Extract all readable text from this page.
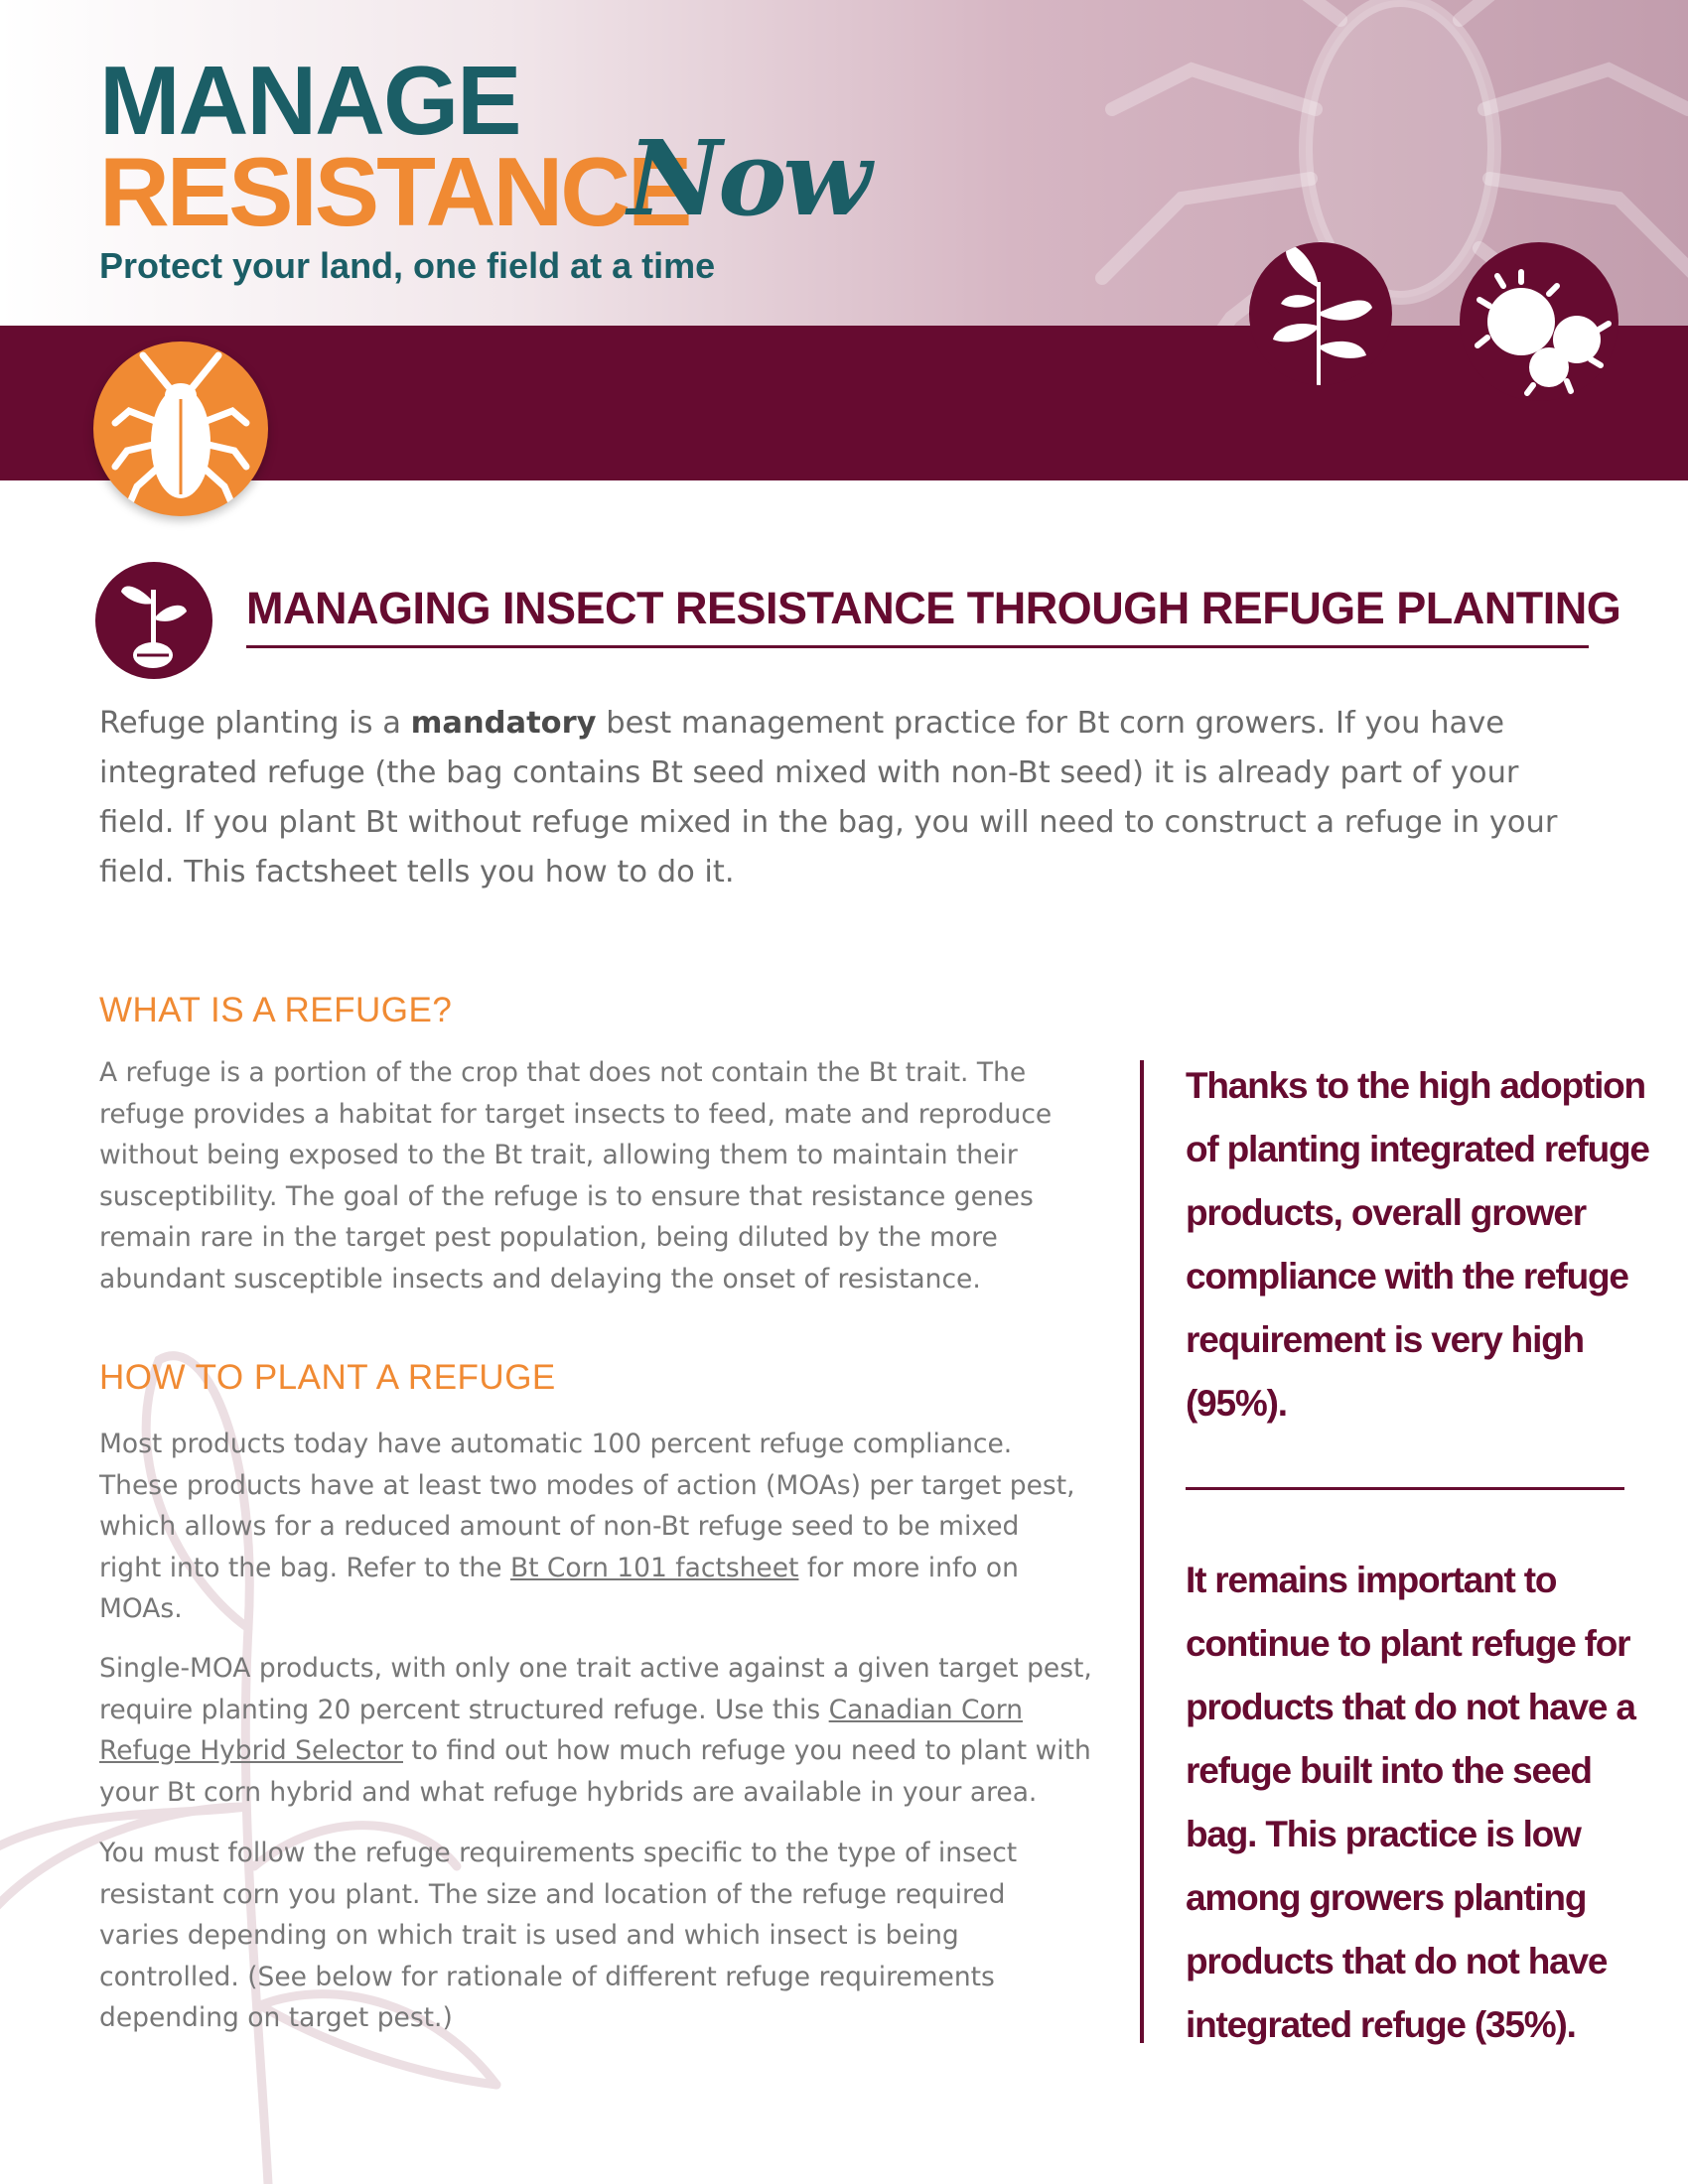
MANAGE
RESISTANCE
Now
Protect your land, one field at a time
MANAGING INSECT RESISTANCE THROUGH REFUGE PLANTING

Refuge planting is a mandatory best management practice for Bt corn growers. If you have integrated refuge (the bag contains Bt seed mixed with non-Bt seed) it is already part of your field. If you plant Bt without refuge mixed in the bag, you will need to construct a refuge in your field. This factsheet tells you how to do it.

WHAT IS A REFUGE?

A refuge is a portion of the crop that does not contain the Bt trait. The refuge provides a habitat for target insects to feed, mate and reproduce without being exposed to the Bt trait, allowing them to maintain their susceptibility. The goal of the refuge is to ensure that resistance genes remain rare in the target pest population, being diluted by the more abundant susceptible insects and delaying the onset of resistance.

HOW TO PLANT A REFUGE

Most products today have automatic 100 percent refuge compliance. These products have at least two modes of action (MOAs) per target pest, which allows for a reduced amount of non-Bt refuge seed to be mixed right into the bag. Refer to the Bt Corn 101 factsheet for more info on MOAs.

Single-MOA products, with only one trait active against a given target pest, require planting 20 percent structured refuge. Use this Canadian Corn Refuge Hybrid Selector to find out how much refuge you need to plant with your Bt corn hybrid and what refuge hybrids are available in your area.

You must follow the refuge requirements specific to the type of insect resistant corn you plant. The size and location of the refuge required varies depending on which trait is used and which insect is being controlled. (See below for rationale of different refuge requirements depending on target pest.)

Thanks to the high adoption of planting integrated refuge products, overall grower compliance with the refuge requirement is very high (95%).

It remains important to continue to plant refuge for products that do not have a refuge built into the seed bag. This practice is low among growers planting products that do not have integrated refuge (35%).
